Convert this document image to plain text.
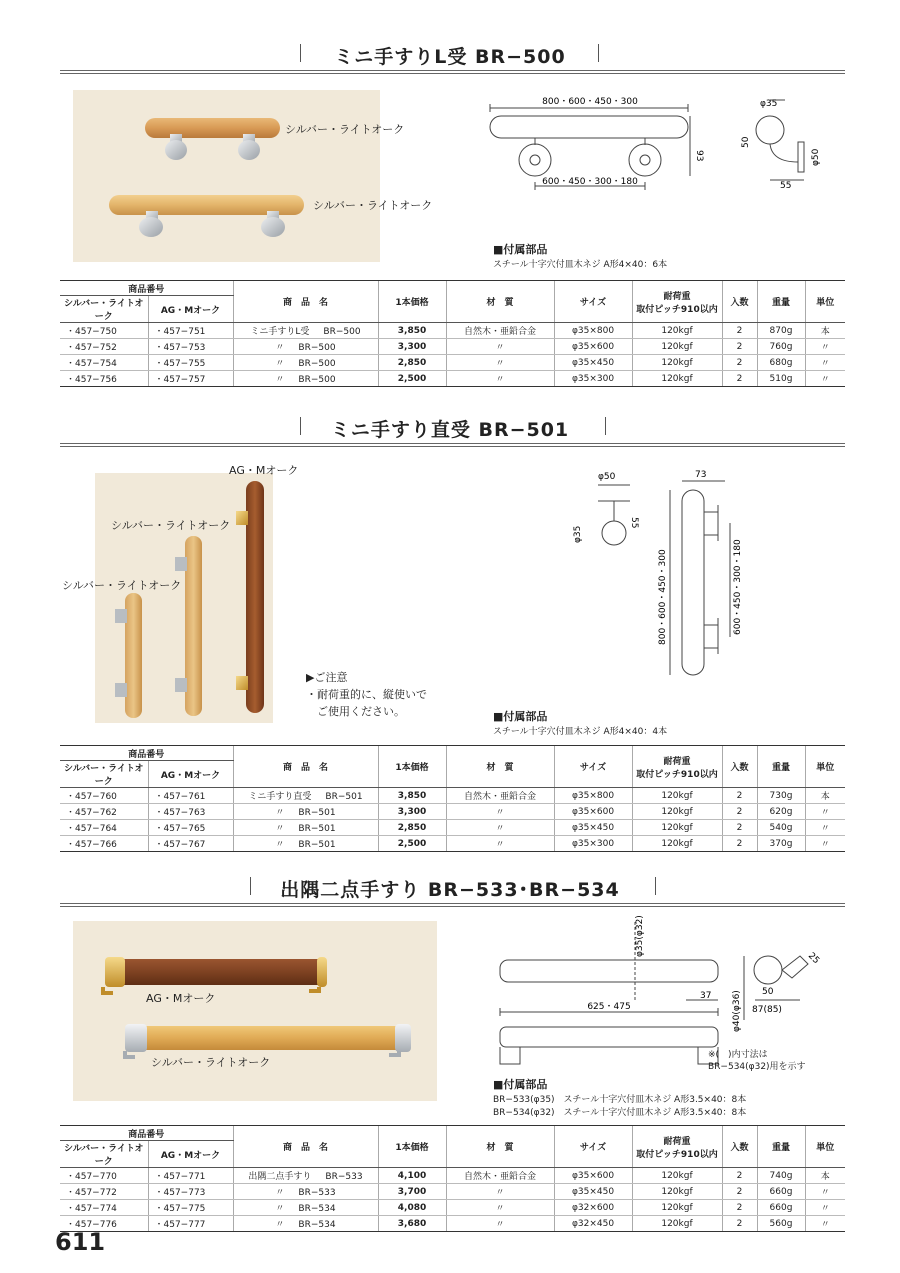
ミニ手すりL受 BR−500
シルバー・ライトオーク
シルバー・ライトオーク
800・600・450・300
600・450・300・180
93
φ35
50
φ50
55
■付属部品
スチール十字穴付皿木ネジ A形4×40：6本
商品番号		商　品　名	1本価格	材　質	サイズ	耐荷重
取付ピッチ910以内	入数	重量	単位
シルバー・ライトオーク	AG・Mオーク								
・457−750	・457−751	ミニ手すりL受 BR−500	3,850	自然木・亜鉛合金	φ35×800	120kgf	2	870g	本
・457−752	・457−753	〃 BR−500	3,300	〃	φ35×600	120kgf	2	760g	〃
・457−754	・457−755	〃 BR−500	2,850	〃	φ35×450	120kgf	2	680g	〃
・457−756	・457−757	〃 BR−500	2,500	〃	φ35×300	120kgf	2	510g	〃
ミニ手すり直受 BR−501
AG・Mオーク
シルバー・ライトオーク
シルバー・ライトオーク
▶ご注意
・耐荷重的に、縦使いで
　ご使用ください。
φ50
φ35
55
73
800・600・450・300	600・450・300・180
■付属部品
スチール十字穴付皿木ネジ A形4×40：4本
商品番号		商　品　名	1本価格	材　質	サイズ	耐荷重
取付ピッチ910以内	入数	重量	単位
シルバー・ライトオーク	AG・Mオーク								
・457−760	・457−761	ミニ手すり直受 BR−501	3,850	自然木・亜鉛合金	φ35×800	120kgf	2	730g	本
・457−762	・457−763	〃 BR−501	3,300	〃	φ35×600	120kgf	2	620g	〃
・457−764	・457−765	〃 BR−501	2,850	〃	φ35×450	120kgf	2	540g	〃
・457−766	・457−767	〃 BR−501	2,500	〃	φ35×300	120kgf	2	370g	〃
出隅二点手すり BR−533･BR−534
AG・Mオーク
シルバー・ライトオーク
φ35(φ32)
625・475
37 φ40(φ36) 50
87(85)
25
※(　)内寸法は
BR−534(φ32)用を示す
■付属部品
BR−533(φ35)　スチール十字穴付皿木ネジ A形3.5×40：8本
BR−534(φ32)　スチール十字穴付皿木ネジ A形3.5×40：8本
商品番号		商　品　名	1本価格	材　質	サイズ	耐荷重
取付ピッチ910以内	入数	重量	単位
シルバー・ライトオーク	AG・Mオーク								
・457−770	・457−771	出隅二点手すり BR−533	4,100	自然木・亜鉛合金	φ35×600	120kgf	2	740g	本
・457−772	・457−773	〃 BR−533	3,700	〃	φ35×450	120kgf	2	660g	〃
・457−774	・457−775	〃 BR−534	4,080	〃	φ32×600	120kgf	2	660g	〃
・457−776	・457−777	〃 BR−534	3,680	〃	φ32×450	120kgf	2	560g	〃
611
